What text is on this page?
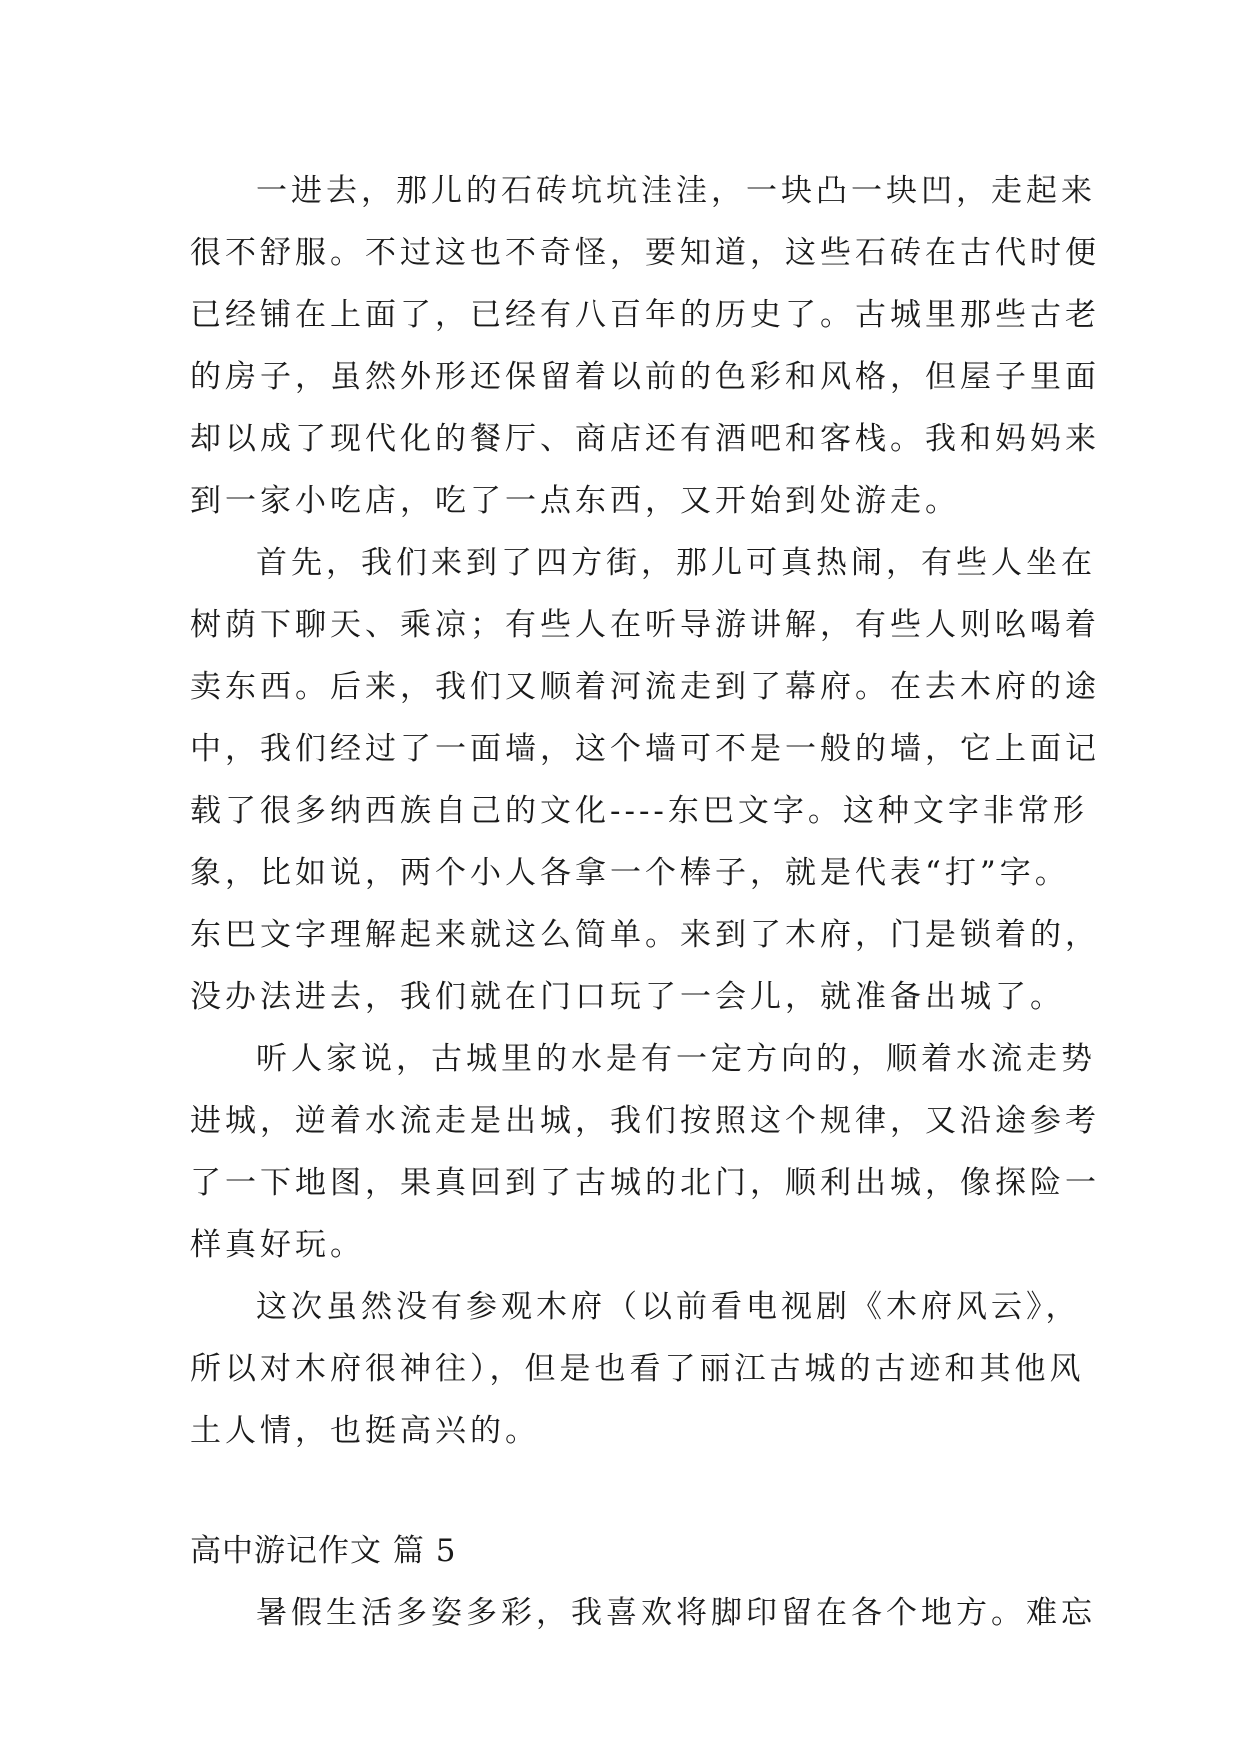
一进去，那儿的石砖坑坑洼洼，一块凸一块凹，走起来
很不舒服。不过这也不奇怪，要知道，这些石砖在古代时便
已经铺在上面了，已经有八百年的历史了。古城里那些古老
的房子，虽然外形还保留着以前的色彩和风格，但屋子里面
却以成了现代化的餐厅、商店还有酒吧和客栈。我和妈妈来
到一家小吃店，吃了一点东西，又开始到处游走。
首先，我们来到了四方街，那儿可真热闹，有些人坐在
树荫下聊天、乘凉；有些人在听导游讲解，有些人则吆喝着
卖东西。后来，我们又顺着河流走到了幕府。在去木府的途
中，我们经过了一面墙，这个墙可不是一般的墙，它上面记
载了很多纳西族自己的文化----东巴文字。这种文字非常形
象，比如说，两个小人各拿一个棒子，就是代表“打”字。
东巴文字理解起来就这么简单。来到了木府，门是锁着的，
没办法进去，我们就在门口玩了一会儿，就准备出城了。
听人家说，古城里的水是有一定方向的，顺着水流走势
进城，逆着水流走是出城，我们按照这个规律，又沿途参考
了一下地图，果真回到了古城的北门，顺利出城，像探险一
样真好玩。
这次虽然没有参观木府（以前看电视剧《木府风云》，
所以对木府很神往），但是也看了丽江古城的古迹和其他风
土人情，也挺高兴的。
高中游记作文 篇 5
暑假生活多姿多彩，我喜欢将脚印留在各个地方。难忘
